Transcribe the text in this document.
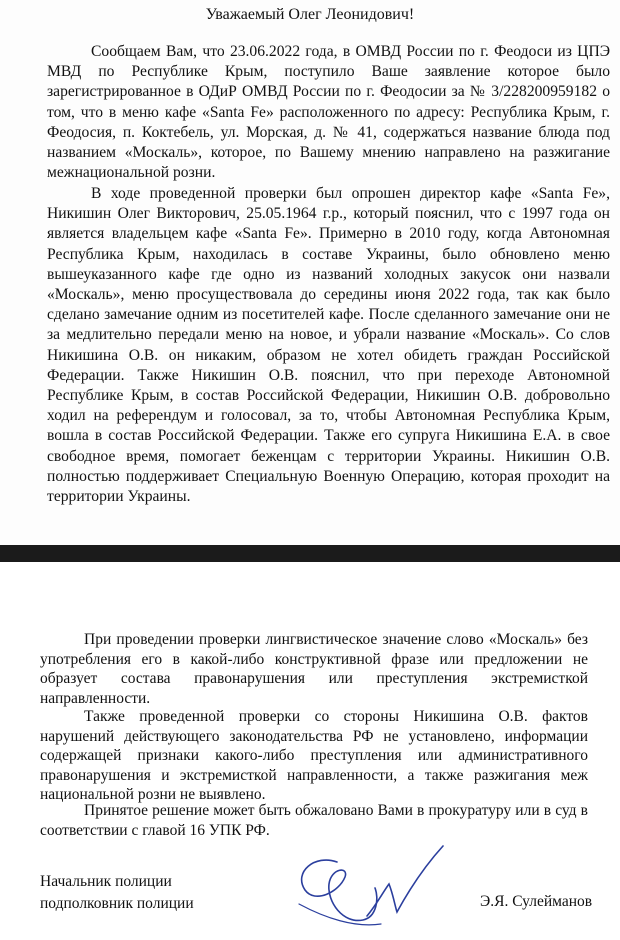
Уважаемый Олег Леонидович!

Сообщаем Вам, что 23.06.2022 года, в ОМВД России по г. Феодоси из ЦПЭ МВД по Республике Крым, поступило Ваше заявление которое было зарегистрированное в ОДиР ОМВД России по г. Феодосии за № 3/228200959182 о том, что в меню кафе «Santa Fe» расположенного по адресу: Республика Крым, г. Феодосия, п. Коктебель, ул. Морская, д. № 41, содержаться название блюда под названием «Москаль», которое, по Вашему мнению направлено на разжигание межнациональной розни.

В ходе проведенной проверки был опрошен директор кафе «Santa Fe», Никишин Олег Викторович, 25.05.1964 г.р., который пояснил, что с 1997 года он является владельцем кафе «Santa Fe». Примерно в 2010 году, когда Автономная Республика Крым, находилась в составе Украины, было обновлено меню вышеуказанного кафе где одно из названий холодных закусок они назвали «Москаль», меню просуществовала до середины июня 2022 года, так как было сделано замечание одним из посетителей кафе. После сделанного замечание они не за медлительно передали меню на новое, и убрали название «Москаль». Со слов Никишина О.В. он никаким, образом не хотел обидеть граждан Российской Федерации. Также Никишин О.В. пояснил, что при переходе Автономной Республике Крым, в состав Российской Федерации, Никишин О.В. добровольно ходил на референдум и голосовал, за то, чтобы Автономная Республика Крым, вошла в состав Российской Федерации. Также его супруга Никишина Е.А. в свое свободное время, помогает беженцам с территории Украины. Никишин О.В. полностью поддерживает Специальную Военную Операцию, которая проходит на территории Украины.

При проведении проверки лингвистическое значение слово «Москаль» без употребления его в какой-либо конструктивной фразе или предложении не образует состава правонарушения или преступления экстремисткой направленности.

Также проведенной проверки со стороны Никишина О.В. фактов нарушений действующего законодательства РФ не установлено, информации содержащей признаки какого-либо преступления или административного правонарушения и экстремисткой направленности, а также разжигания меж национальной розни не выявлено.

Принятое решение может быть обжаловано Вами в прокуратуру или в суд в соответствии с главой 16 УПК РФ.

Начальник полиции
подполковник полиции	Э.Я. Сулейманов
